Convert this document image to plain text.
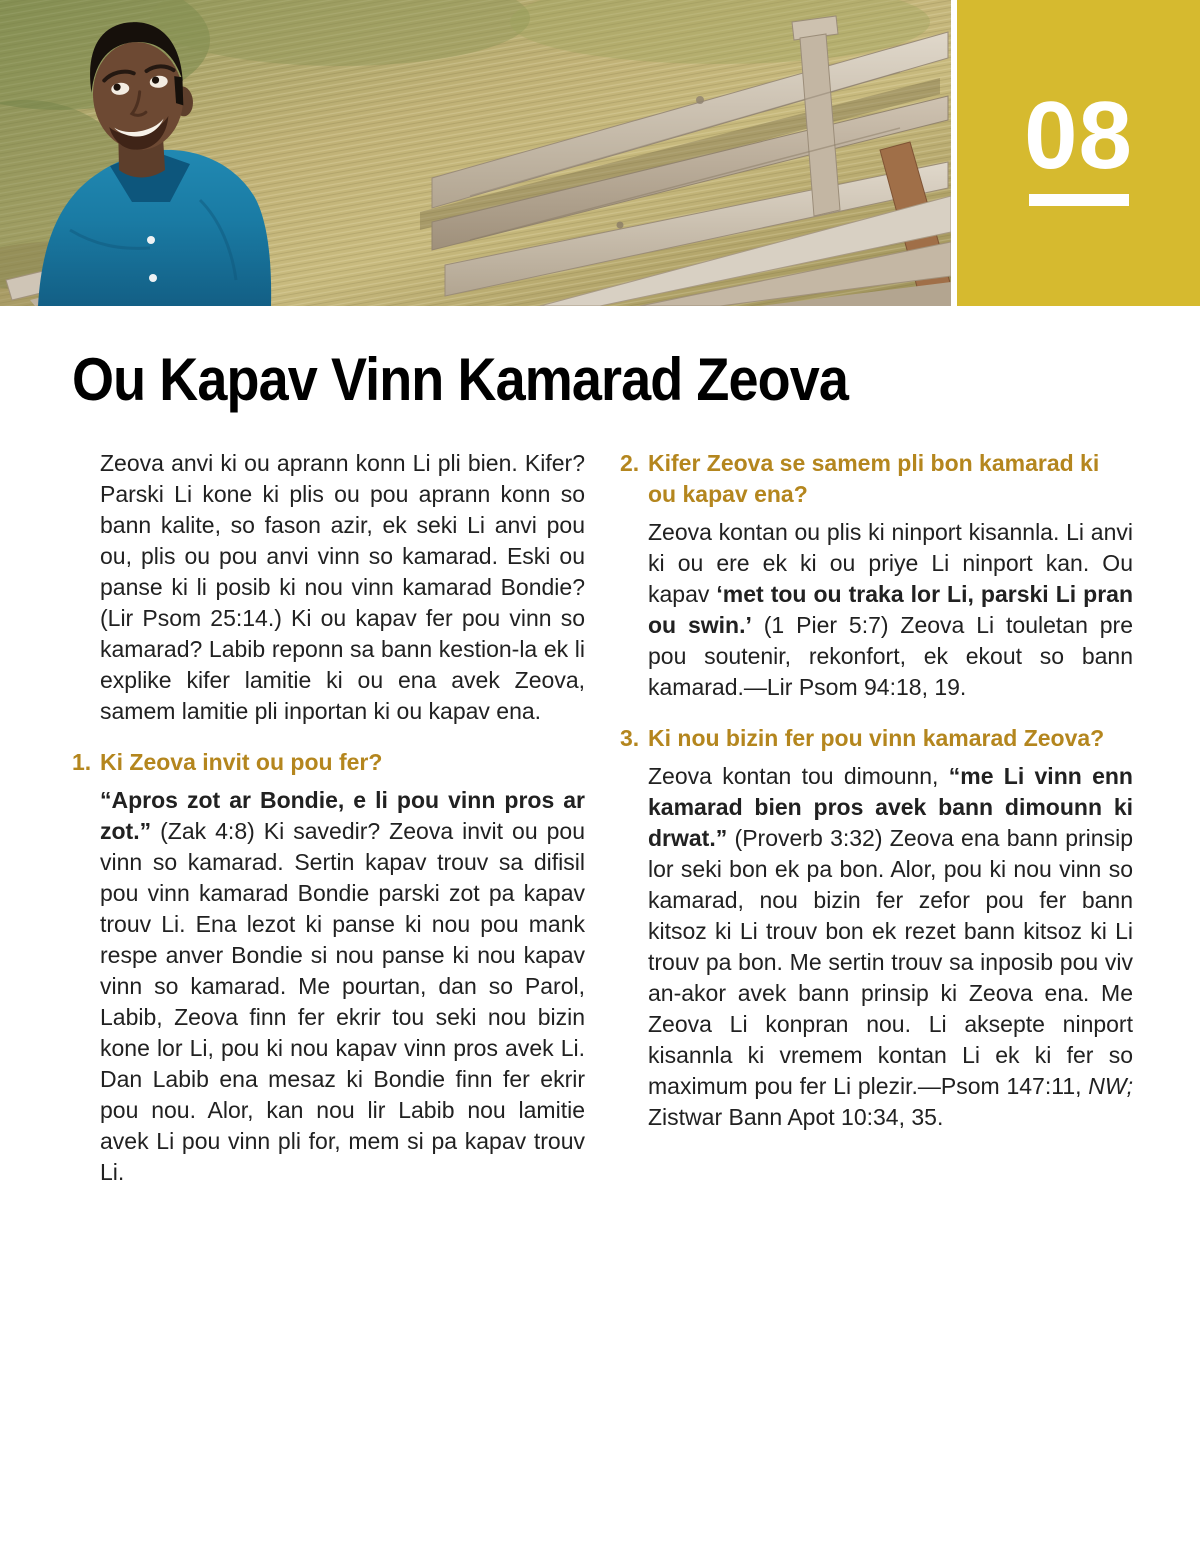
08
Ou Kapav Vinn Kamarad Zeova

Zeova anvi ki ou aprann konn Li pli bien. Kifer? Parski Li kone ki plis ou pou aprann konn so bann kalite, so fason azir, ek seki Li anvi pou ou, plis ou pou anvi vinn so kamarad. Eski ou panse ki li posib ki nou vinn kamarad Bondie? (Lir Psom 25:14.) Ki ou kapav fer pou vinn so kamarad? Labib reponn sa bann kestion-la ek li explike kifer lamitie ki ou ena avek Zeova, samem lamitie pli inportan ki ou kapav ena.

1. Ki Zeova invit ou pou fer?

“Apros zot ar Bondie, e li pou vinn pros ar zot.” (Zak 4:8) Ki savedir? Zeova invit ou pou vinn so kamarad. Sertin kapav trouv sa difisil pou vinn kamarad Bondie parski zot pa kapav trouv Li. Ena lezot ki panse ki nou pou mank respe anver Bondie si nou panse ki nou kapav vinn so kamarad. Me pourtan, dan so Parol, Labib, Zeova finn fer ekrir tou seki nou bizin kone lor Li, pou ki nou kapav vinn pros avek Li. Dan Labib ena mesaz ki Bondie finn fer ekrir pou nou. Alor, kan nou lir Labib nou lamitie avek Li pou vinn pli for, mem si pa kapav trouv Li.

2. Kifer Zeova se samem pli bon kamarad ki ou kapav ena?

Zeova kontan ou plis ki ninport kisannla. Li anvi ki ou ere ek ki ou priye Li ninport kan. Ou kapav ‘met tou ou traka lor Li, parski Li pran ou swin.’ (1 Pier 5:7) Zeova Li touletan pre pou soutenir, rekonfort, ek ekout so bann kamarad.—Lir Psom 94:18, 19.

3. Ki nou bizin fer pou vinn kamarad Zeova?

Zeova kontan tou dimounn, “me Li vinn enn kamarad bien pros avek bann dimounn ki drwat.” (Proverb 3:32) Zeova ena bann prinsip lor seki bon ek pa bon. Alor, pou ki nou vinn so kamarad, nou bizin fer zefor pou fer bann kitsoz ki Li trouv bon ek rezet bann kitsoz ki Li trouv pa bon. Me sertin trouv sa inposib pou viv an-akor avek bann prinsip ki Zeova ena. Me Zeova Li konpran nou. Li aksepte ninport kisannla ki vremem kontan Li ek ki fer so maximum pou fer Li plezir.—Psom 147:11, NW; Zistwar Bann Apot 10:34, 35.
